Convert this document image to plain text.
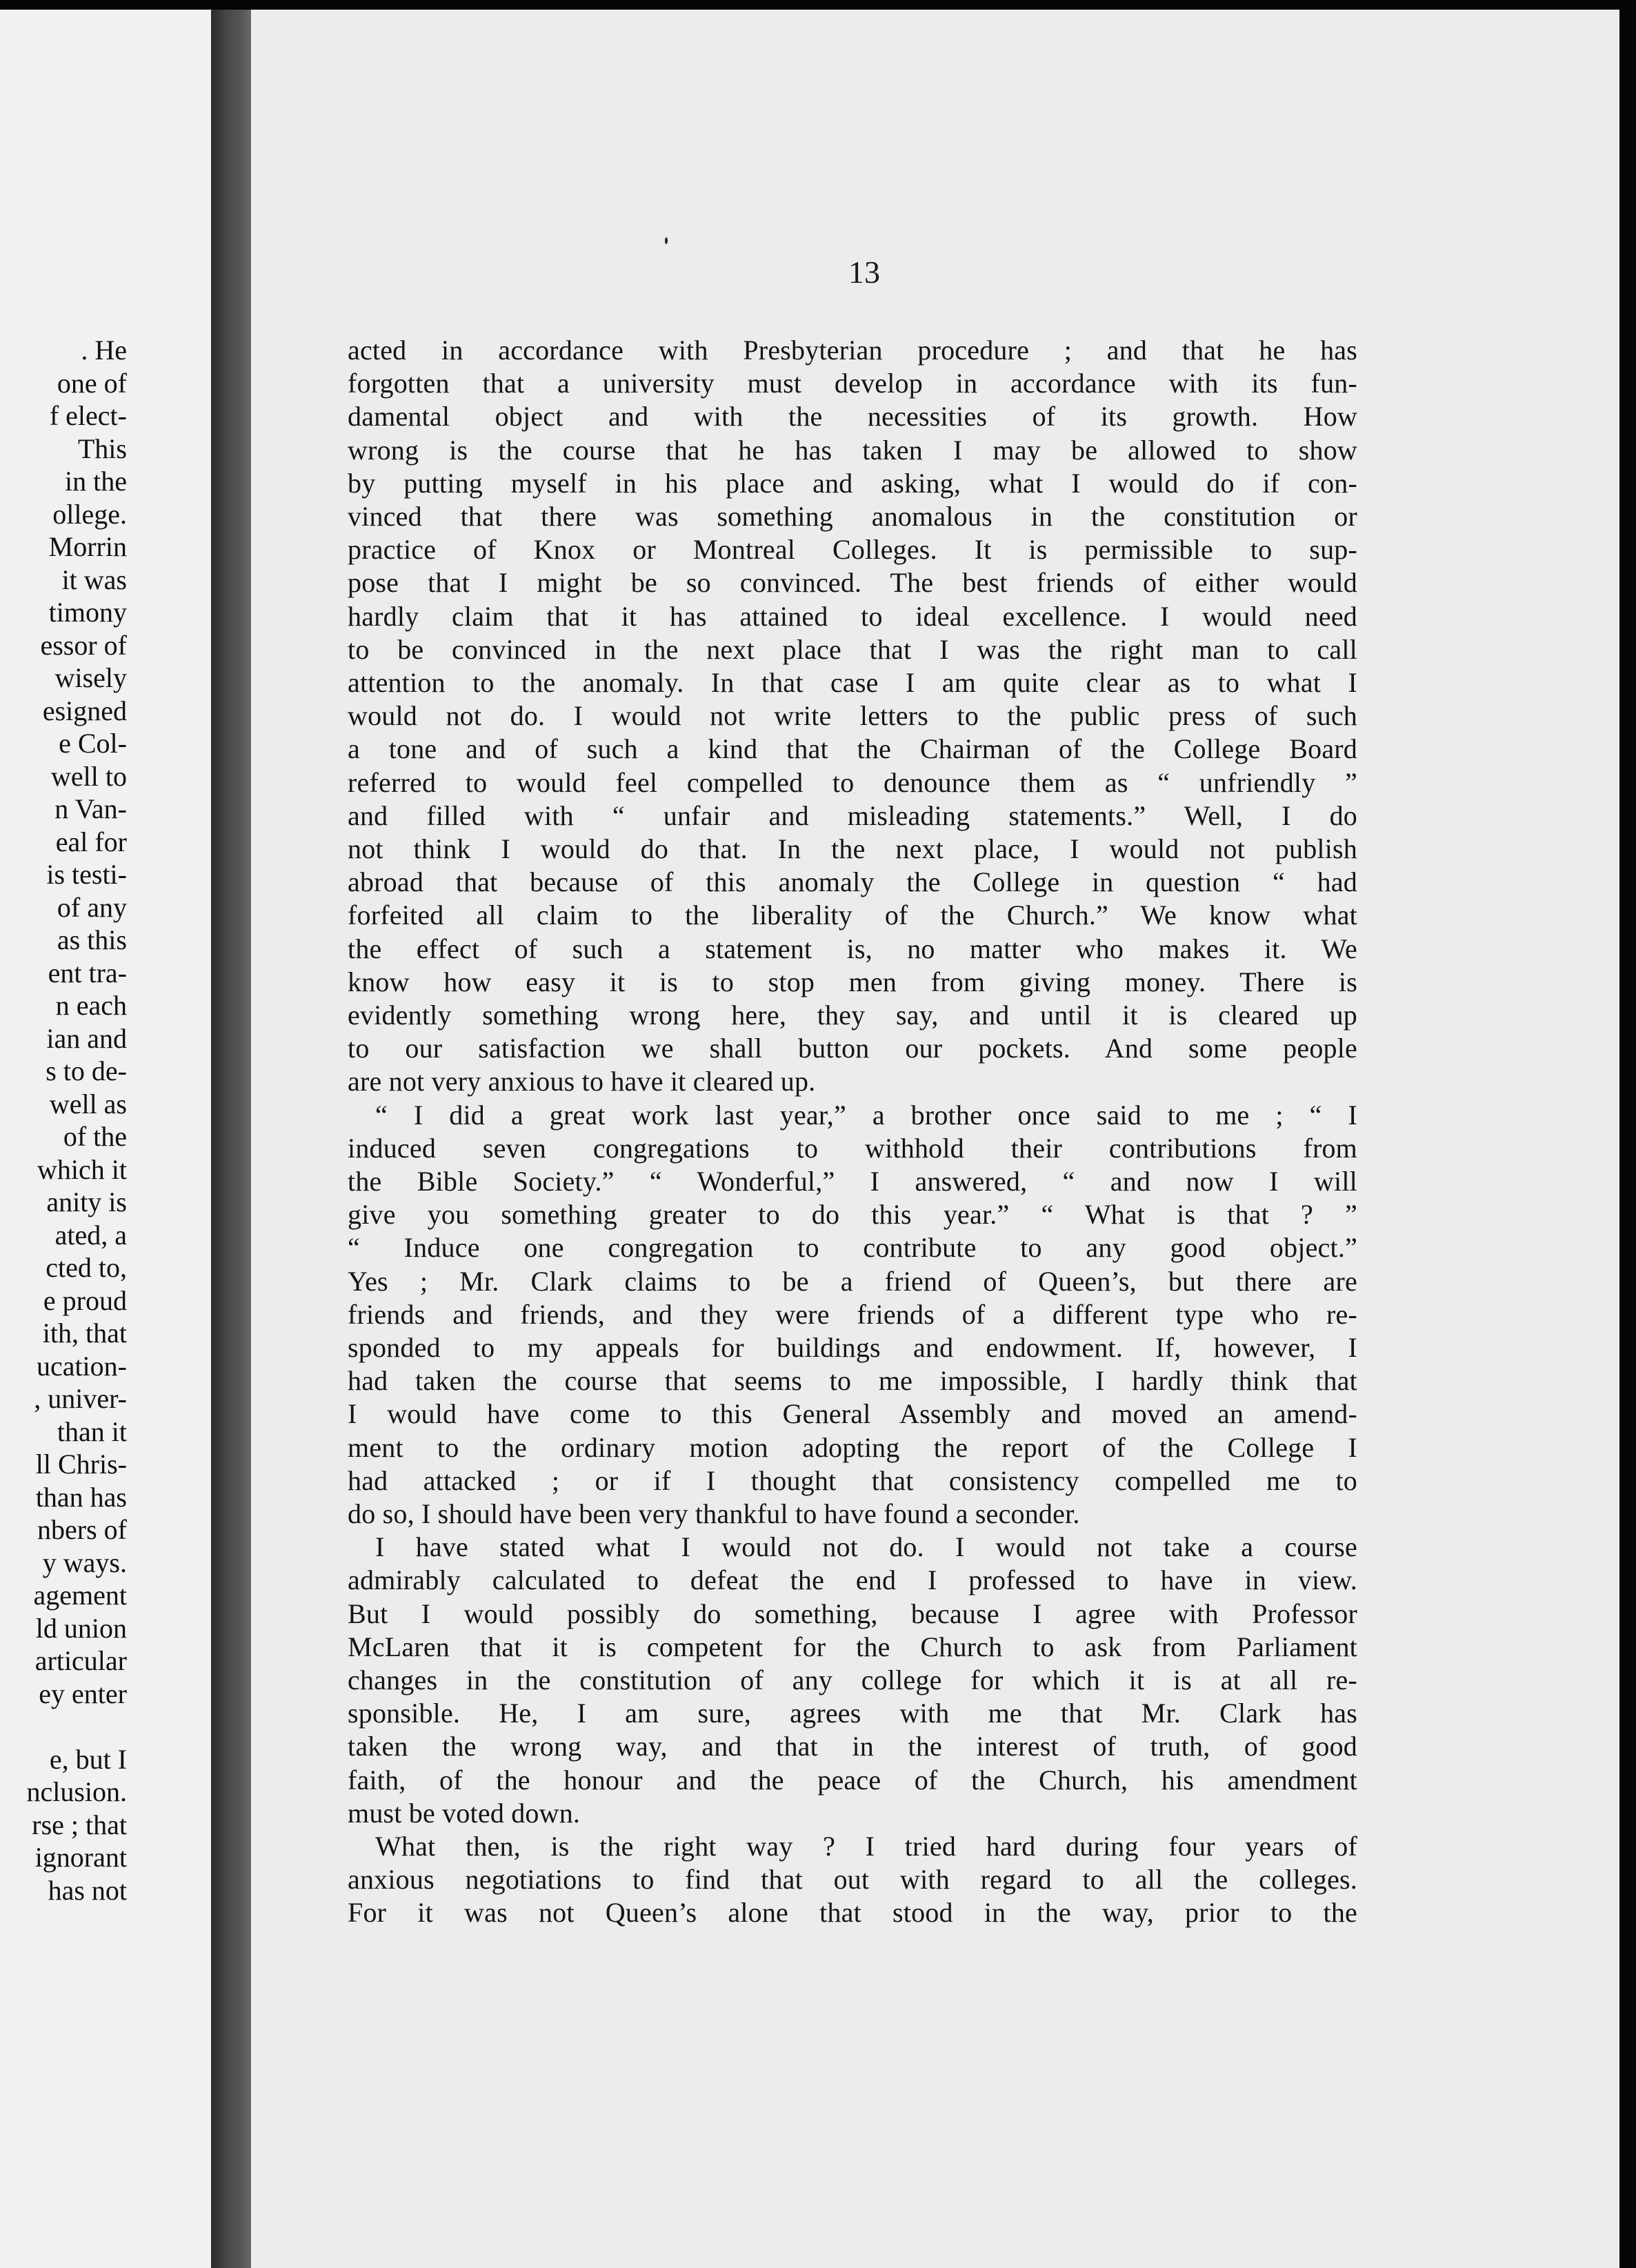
. He
one of
f elect-
This
in the
ollege.
Morrin
it was
timony
essor of
wisely
esigned
e Col-
well to
n Van-
eal for
is testi-
of any
as this
ent tra-
n each
ian and
s to de-
well as
of the
which it
anity is
ated, a
cted to,
e proud
ith, that
ucation-
, univer-
than it
ll Chris-
than has
nbers of
y ways.
agement
ld union
articular
ey enter
e, but I
nclusion.
rse ; that
ignorant
has not
13
acted in accordance with Presbyterian procedure ; and that he has
forgotten that a university must develop in accordance with its fun-
damental object and with the necessities of its growth. How
wrong is the course that he has taken I may be allowed to show
by putting myself in his place and asking, what I would do if con-
vinced that there was something anomalous in the constitution or
practice of Knox or Montreal Colleges. It is permissible to sup-
pose that I might be so convinced. The best friends of either would
hardly claim that it has attained to ideal excellence. I would need
to be convinced in the next place that I was the right man to call
attention to the anomaly. In that case I am quite clear as to what I
would not do. I would not write letters to the public press of such
a tone and of such a kind that the Chairman of the College Board
referred to would feel compelled to denounce them as “ unfriendly ”
and filled with “ unfair and misleading statements.” Well, I do
not think I would do that. In the next place, I would not publish
abroad that because of this anomaly the College in question “ had
forfeited all claim to the liberality of the Church.” We know what
the effect of such a statement is, no matter who makes it. We
know how easy it is to stop men from giving money. There is
evidently something wrong here, they say, and until it is cleared up
to our satisfaction we shall button our pockets. And some people
are not very anxious to have it cleared up.
“ I did a great work last year,” a brother once said to me ; “ I
induced seven congregations to withhold their contributions from
the Bible Society.” “ Wonderful,” I answered, “ and now I will
give you something greater to do this year.” “ What is that ? ”
“ Induce one congregation to contribute to any good object.”
Yes ; Mr. Clark claims to be a friend of Queen’s, but there are
friends and friends, and they were friends of a different type who re-
sponded to my appeals for buildings and endowment. If, however, I
had taken the course that seems to me impossible, I hardly think that
I would have come to this General Assembly and moved an amend-
ment to the ordinary motion adopting the report of the College I
had attacked ; or if I thought that consistency compelled me to
do so, I should have been very thankful to have found a seconder.
I have stated what I would not do. I would not take a course
admirably calculated to defeat the end I professed to have in view.
But I would possibly do something, because I agree with Professor
McLaren that it is competent for the Church to ask from Parliament
changes in the constitution of any college for which it is at all re-
sponsible. He, I am sure, agrees with me that Mr. Clark has
taken the wrong way, and that in the interest of truth, of good
faith, of the honour and the peace of the Church, his amendment
must be voted down.
What then, is the right way ? I tried hard during four years of
anxious negotiations to find that out with regard to all the colleges.
For it was not Queen’s alone that stood in the way, prior to the
